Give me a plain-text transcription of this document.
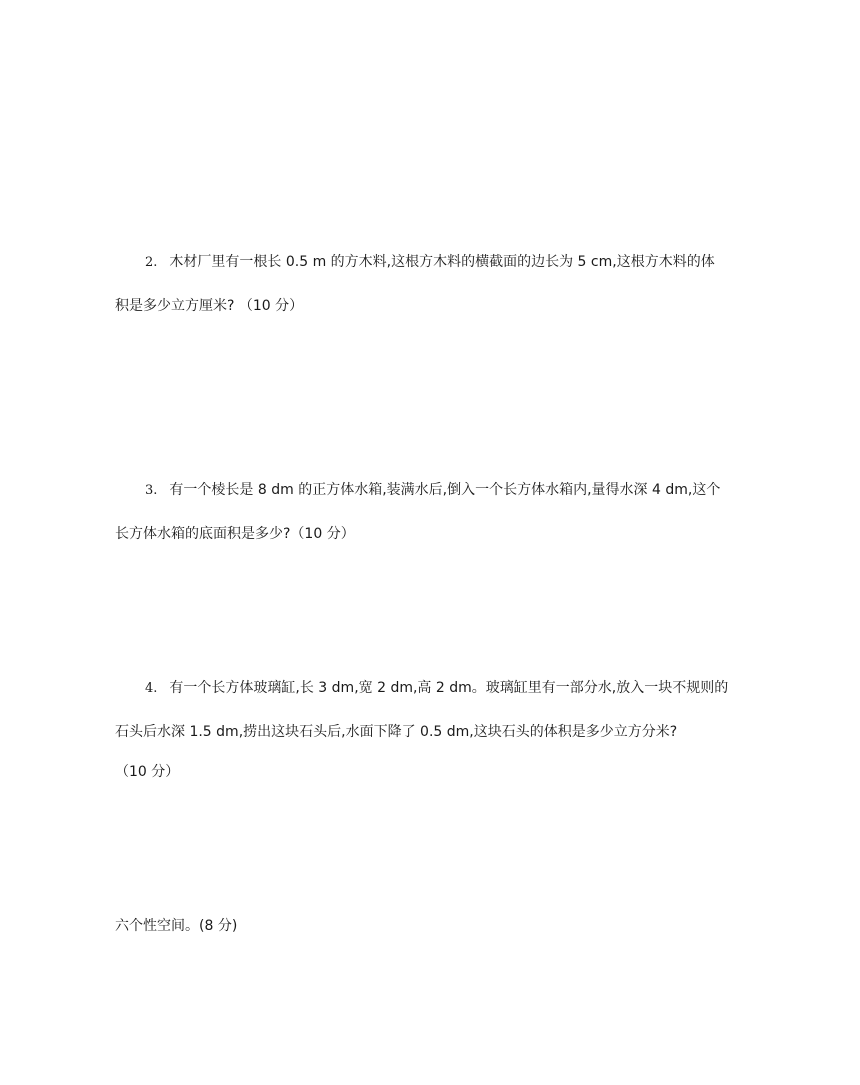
2. 木材厂里有一根长 0.5 m 的方木料,这根方木料的横截面的边长为 5 cm,这根方木料的体
积是多少立方厘米? （10 分）
3. 有一个棱长是 8 dm 的正方体水箱,装满水后,倒入一个长方体水箱内,量得水深 4 dm,这个
长方体水箱的底面积是多少?（10 分）
4. 有一个长方体玻璃缸,长 3 dm,宽 2 dm,高 2 dm。玻璃缸里有一部分水,放入一块不规则的
石头后水深 1.5 dm,捞出这块石头后,水面下降了 0.5 dm,这块石头的体积是多少立方分米?
（10 分）
六个性空间。(8 分)
